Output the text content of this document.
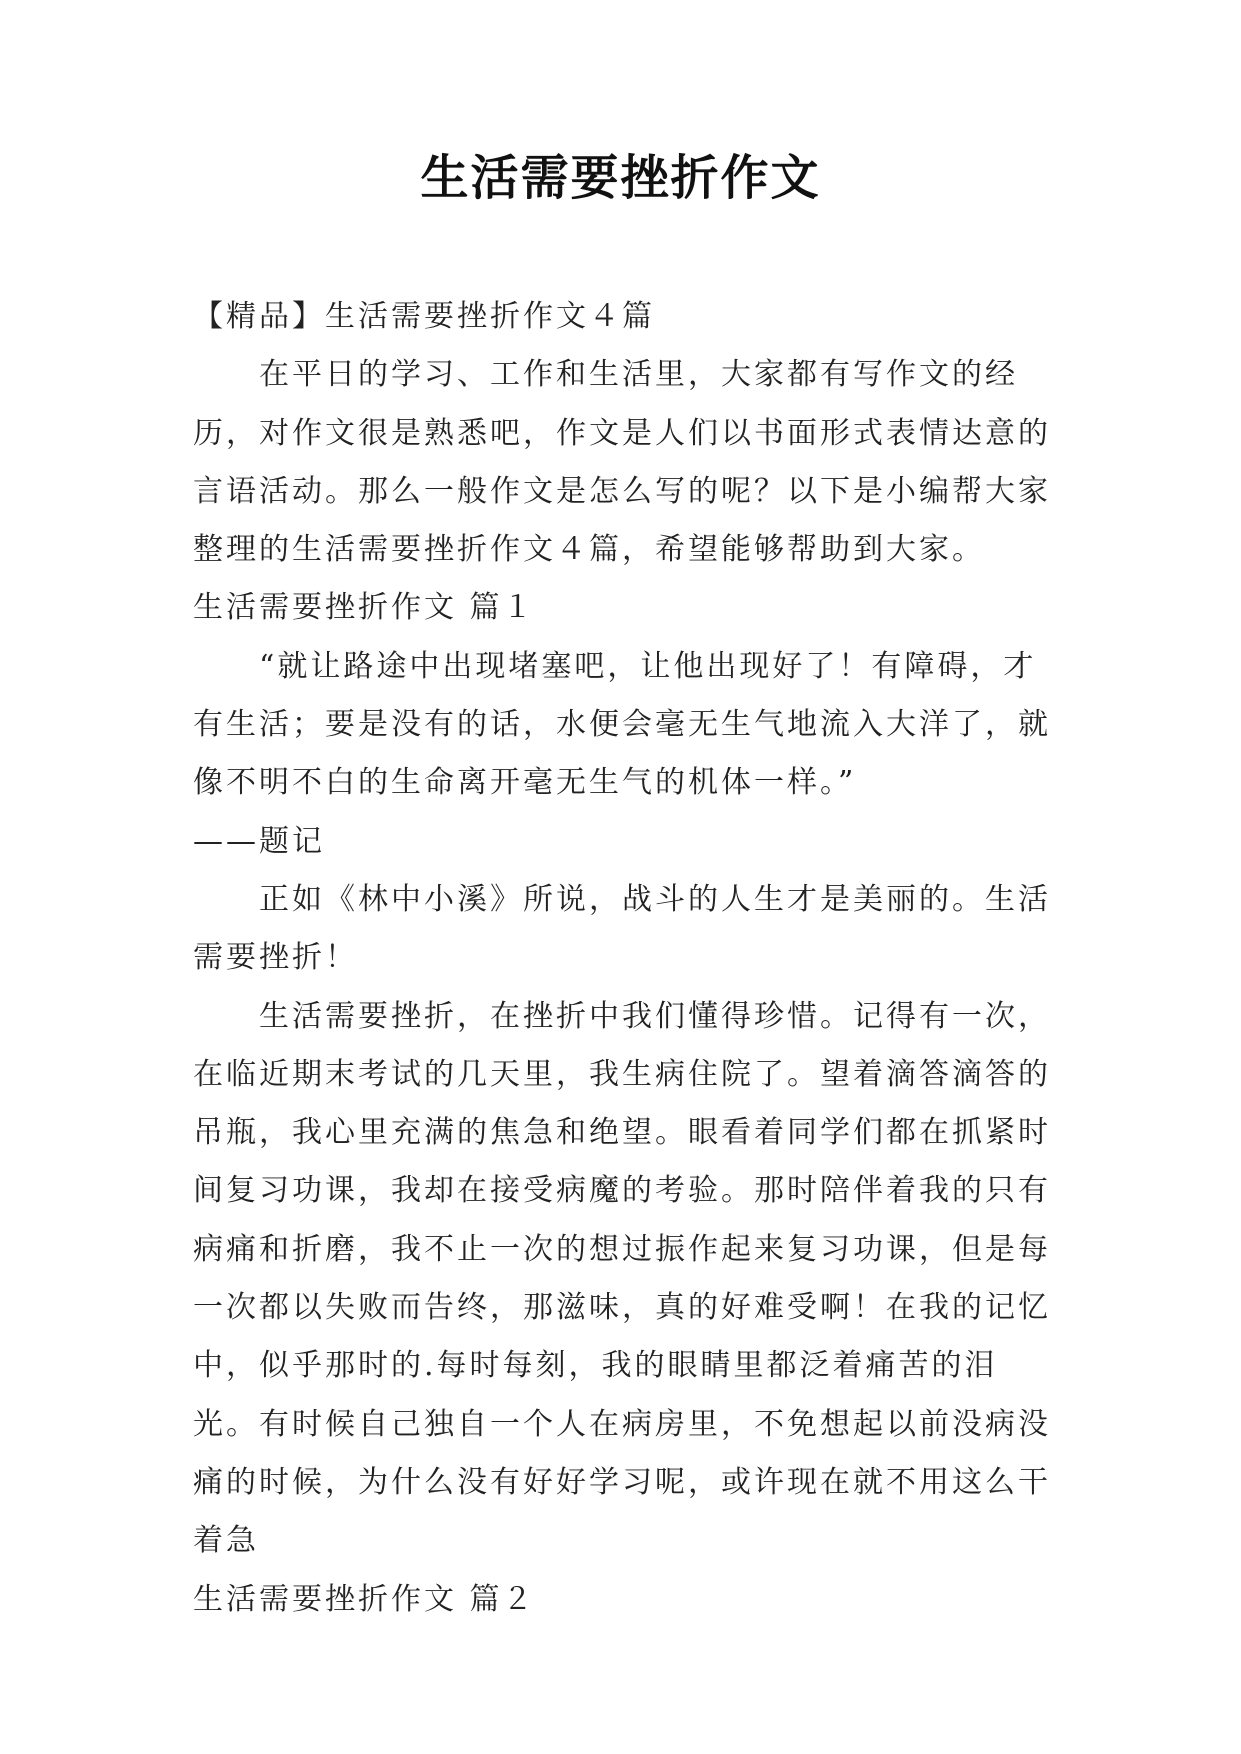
生活需要挫折作文

【精品】生活需要挫折作文４篇

在平日的学习、工作和生活里，大家都有写作文的经历，对作文很是熟悉吧，作文是人们以书面形式表情达意的言语活动。那么一般作文是怎么写的呢？以下是小编帮大家整理的生活需要挫折作文４篇，希望能够帮助到大家。

生活需要挫折作文 篇１

“就让路途中出现堵塞吧，让他出现好了！有障碍，才有生活；要是没有的话，水便会毫无生气地流入大洋了，就像不明不白的生命离开毫无生气的机体一样。”

——题记

正如《林中小溪》所说，战斗的人生才是美丽的。生活需要挫折！

生活需要挫折，在挫折中我们懂得珍惜。记得有一次，在临近期末考试的几天里，我生病住院了。望着滴答滴答的吊瓶，我心里充满的焦急和绝望。眼看着同学们都在抓紧时间复习功课，我却在接受病魔的考验。那时陪伴着我的只有病痛和折磨，我不止一次的想过振作起来复习功课，但是每一次都以失败而告终，那滋味，真的好难受啊！在我的记忆中，似乎那时的.每时每刻，我的眼睛里都泛着痛苦的泪光。有时候自己独自一个人在病房里，不免想起以前没病没痛的时候，为什么没有好好学习呢，或许现在就不用这么干着急

生活需要挫折作文 篇２
